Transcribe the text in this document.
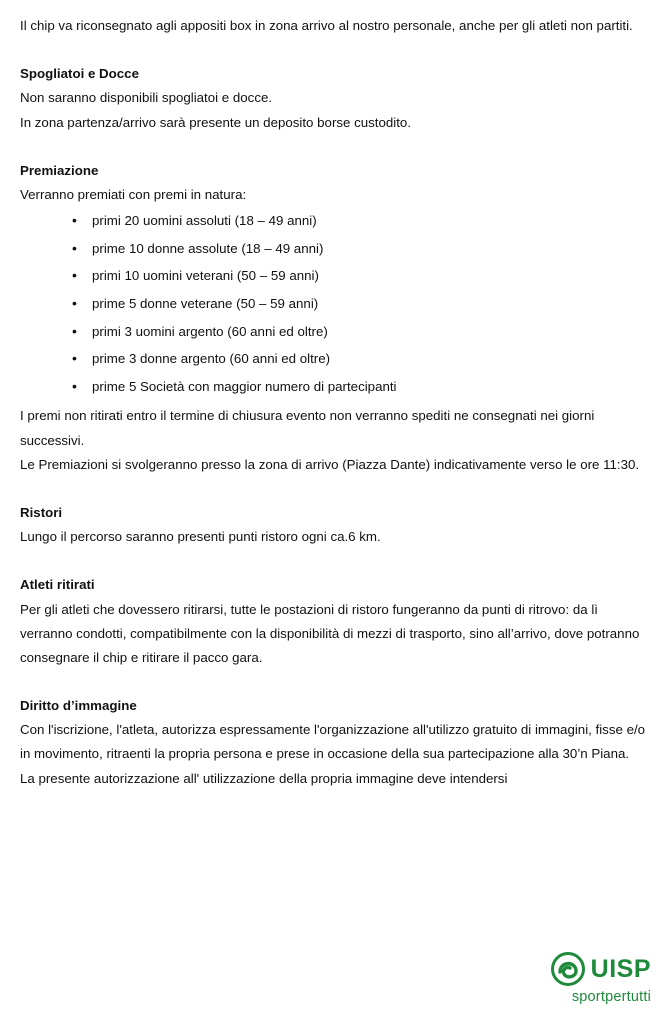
Il chip va riconsegnato agli appositi box in zona arrivo al nostro personale, anche per gli atleti non partiti.

Spogliatoi e Docce

Non saranno disponibili spogliatoi e docce.

In zona partenza/arrivo sarà presente un deposito borse custodito.

Premiazione

Verranno premiati con premi in natura:

• primi 20 uomini assoluti (18 – 49 anni)
• prime 10 donne assolute (18 – 49 anni)
• primi 10 uomini veterani (50 – 59 anni)
• prime 5 donne veterane (50 – 59 anni)
• primi 3 uomini argento (60 anni ed oltre)
• prime 3 donne argento (60 anni ed oltre)
• prime 5 Società con maggior numero di partecipanti

I premi non ritirati entro il termine di chiusura evento non verranno spediti ne consegnati nei giorni successivi.

Le Premiazioni si svolgeranno presso la zona di arrivo (Piazza Dante) indicativamente verso le ore 11:30.

Ristori

Lungo il percorso saranno presenti punti ristoro ogni ca.6 km.

Atleti ritirati

Per gli atleti che dovessero ritirarsi, tutte le postazioni di ristoro fungeranno da punti di ritrovo: da lì verranno condotti, compatibilmente con la disponibilità di mezzi di trasporto, sino all’arrivo, dove potranno consegnare il chip e ritirare il pacco gara.

Diritto d’immagine

Con l'iscrizione, l'atleta, autorizza espressamente l'organizzazione all'utilizzo gratuito di immagini, fisse e/o in movimento, ritraenti la propria persona e prese in occasione della sua partecipazione alla 30’n Piana. La presente autorizzazione all' utilizzazione della propria immagine deve intendersi

UISP
sportpertutti
